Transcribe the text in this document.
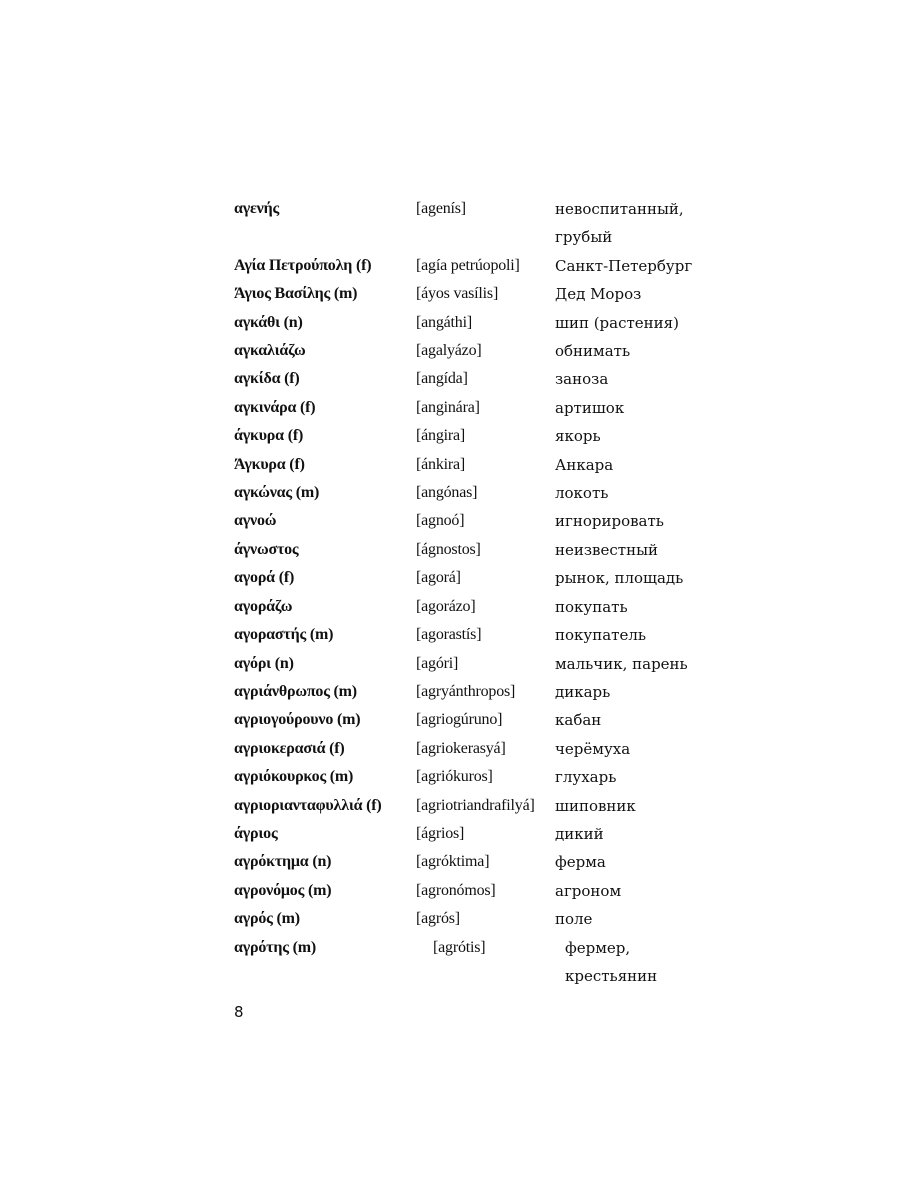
αγενής	[agenís]	невоспитанный,
грубый
Αγία Πετρούπολη (f)	[agía petrúopoli]	Санкт-Петербург
Άγιος Βασίλης (m)	[áyos vasílis]	Дед Мороз
αγκάθι (n)	[angáthi]	шип (растения)
αγκαλιάζω	[agalyázo]	обнимать
αγκίδα (f)	[angída]	заноза
αγκινάρα (f)	[anginára]	артишок
άγκυρα (f)	[ángira]	якорь
Άγκυρα (f)	[ánkira]	Анкара
αγκώνας (m)	[angónas]	локоть
αγνοώ	[agnoó]	игнорировать
άγνωστος	[ágnostos]	неизвестный
αγορά (f)	[agorá]	рынок, площадь
αγοράζω	[agorázo]	покупать
αγοραστής (m)	[agorastís]	покупатель
αγόρι (n)	[agóri]	мальчик, парень
αγριάνθρωπος (m)	[agryánthropos]	дикарь
αγριογούρουνο (m)	[agriogúruno]	кабан
αγριοκερασιά (f)	[agriokerasyá]	черёмуха
αγριόκουρκος (m)	[agriókuros]	глухарь
αγριοριανταφυλλιά (f)	[agriotriandrafilyá]	шиповник
άγριος	[ágrios]	дикий
αγρόκτημα (n)	[agróktima]	ферма
αγρονόμος (m)	[agronómos]	агроном
αγρός (m)	[agrós]	поле
αγρότης (m)	[agrótis]	фермер,
крестьянин
8
